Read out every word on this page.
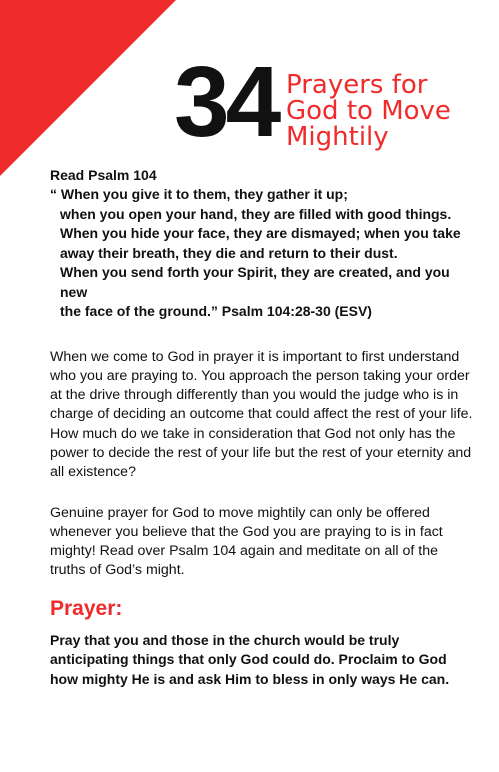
34 Prayers for
God to Move
Mightily
Read Psalm 104
“ When you give it to them, they gather it up;
when you open your hand, they are filled with good things.
When you hide your face, they are dismayed; when you take
away their breath, they die and return to their dust.
When you send forth your Spirit, they are created, and you new
the face of the ground.” Psalm 104:28-30 (ESV)

When we come to God in prayer it is important to first understand who you are praying to. You approach the person taking your order at the drive through differently than you would the judge who is in charge of deciding an outcome that could affect the rest of your life. How much do we take in consideration that God not only has the power to decide the rest of your life but the rest of your eternity and all existence?

Genuine prayer for God to move mightily can only be offered whenever you believe that the God you are praying to is in fact mighty! Read over Psalm 104 again and meditate on all of the truths of God’s might.

Prayer:
Pray that you and those in the church would be truly anticipating things that only God could do. Proclaim to God how mighty He is and ask Him to bless in only ways He can.
